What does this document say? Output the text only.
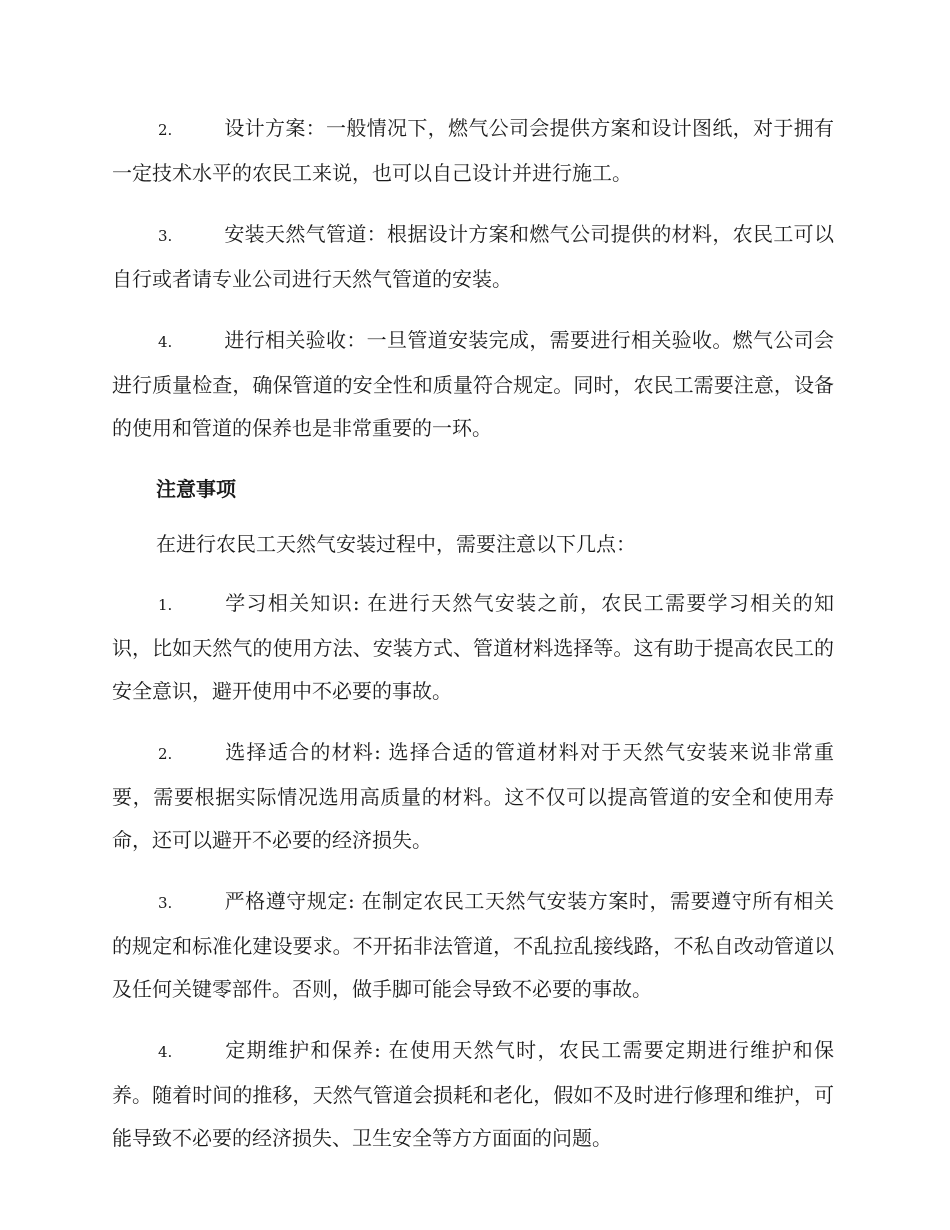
2.	设计方案：一般情况下，燃气公司会提供方案和设计图纸，对于拥有一定技术水平的农民工来说，也可以自己设计并进行施工。

3.	安装天然气管道：根据设计方案和燃气公司提供的材料，农民工可以自行或者请专业公司进行天然气管道的安装。

4.	进行相关验收：一旦管道安装完成，需要进行相关验收。燃气公司会进行质量检查，确保管道的安全性和质量符合规定。同时，农民工需要注意，设备的使用和管道的保养也是非常重要的一环。

注意事项

在进行农民工天然气安装过程中，需要注意以下几点：

1.	学习相关知识: 在进行天然气安装之前，农民工需要学习相关的知识，比如天然气的使用方法、安装方式、管道材料选择等。这有助于提高农民工的安全意识，避开使用中不必要的事故。

2.	选择适合的材料: 选择合适的管道材料对于天然气安装来说非常重要，需要根据实际情况选用高质量的材料。这不仅可以提高管道的安全和使用寿命，还可以避开不必要的经济损失。

3.	严格遵守规定: 在制定农民工天然气安装方案时，需要遵守所有相关的规定和标准化建设要求。不开拓非法管道，不乱拉乱接线路，不私自改动管道以及任何关键零部件。否则，做手脚可能会导致不必要的事故。

4.	定期维护和保养: 在使用天然气时，农民工需要定期进行维护和保养。随着时间的推移，天然气管道会损耗和老化，假如不及时进行修理和维护，可能导致不必要的经济损失、卫生安全等方方面面的问题。
